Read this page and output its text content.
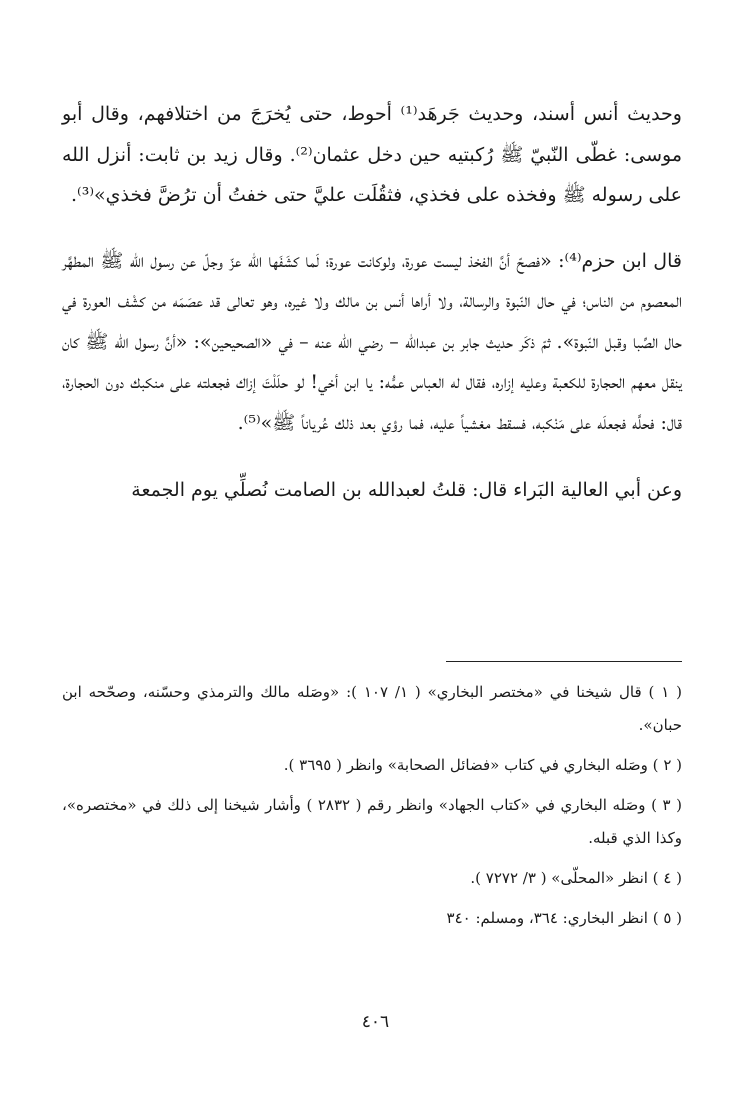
وحديث أنس أسند، وحديث جَرهَد⁽¹⁾ أحوط، حتى يُخرَجَ من اختلافهم، وقال أبو موسى: غطّى النّبيّ ﷺ رُكبتيه حين دخل عثمان⁽²⁾. وقال زيد بن ثابت: أنزل الله على رسوله ﷺ وفخذه على فخذي، فثقُلَت عليَّ حتى خفتُ أن ترُضَّ فخذي»⁽³⁾.

قال ابن حزم⁽⁴⁾: «فصحّ أنَّ الفخذ ليست عورة، ولوكانت عورة؛ لَما كشَفَها الله عزّ وجلّ عن رسول الله ﷺ المطهَّر المعصوم من الناس؛ في حال النّبوة والرسالة، ولا أراها أنس بن مالك ولا غيره، وهو تعالى قد عصَمَه من كشْف العورة في حال الصِّبا وقبل النّبوة». ثمّ ذكَر حديث جابر بن عبدالله – رضي الله عنه – في «الصحيحين»: «أنَّ رسول الله ﷺ كان ينقل معهم الحجارة للكعبة وعليه إزاره، فقال له العباس عمُّه: يا ابن أخي! لو حلَلْتَ إزاك فجعلته على منكبك دون الحجارة، قال: فحلَّه فجعلَه على مَنْكبه، فسقط مغشياً عليه، فما رؤي بعد ذلك عُرياناً ﷺ»⁽⁵⁾.

وعن أبي العالية البَراء قال: قلتُ لعبدالله بن الصامت نُصلِّي يوم الجمعة

( ١ ) قال شيخنا في «مختصر البخاري» ( ١/ ١٠٧ ): «وصَله مالك والترمذي وحسّنه، وصحّحه ابن حبان».

( ٢ ) وصَله البخاري في كتاب «فضائل الصحابة» وانظر ( ٣٦٩٥ ).

( ٣ ) وصَله البخاري في «كتاب الجهاد» وانظر رقم ( ٢٨٣٢ ) وأشار شيخنا إلى ذلك في «مختصره»، وكذا الذي قبله.

( ٤ ) انظر «المحلّى» ( ٣/ ٧٢٧٢ ).

( ٥ ) انظر البخاري: ٣٦٤، ومسلم: ٣٤٠

٤٠٦
